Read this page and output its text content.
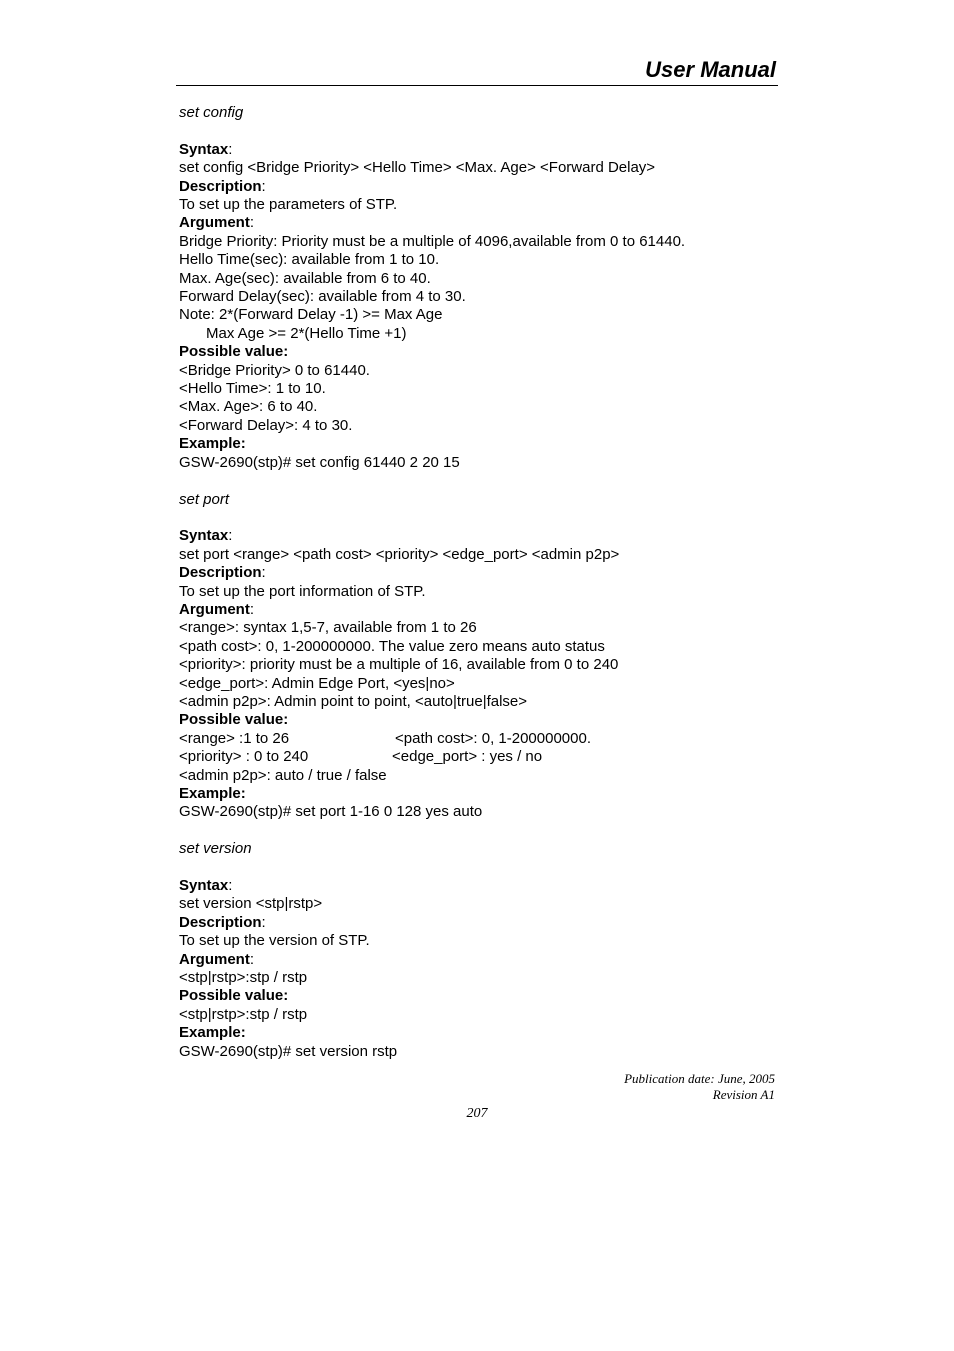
User Manual
set config
Syntax:
set config <Bridge Priority> <Hello Time> <Max. Age> <Forward Delay>
Description:
To set up the parameters of STP.
Argument:
Bridge Priority: Priority must be a multiple of 4096,available from 0 to 61440.
Hello Time(sec): available from 1 to 10.
Max. Age(sec): available from 6 to 40.
Forward Delay(sec): available from 4 to 30.
Note: 2*(Forward Delay -1) >= Max Age
Max Age >= 2*(Hello Time +1)
Possible value:
<Bridge Priority> 0 to 61440.
<Hello Time>: 1 to 10.
<Max. Age>: 6 to 40.
<Forward Delay>: 4 to 30.
Example:
GSW-2690(stp)# set config 61440 2 20 15
set port
Syntax:
set port <range> <path cost> <priority> <edge_port> <admin p2p>
Description:
To set up the port information of STP.
Argument:
<range>: syntax 1,5-7, available from 1 to 26
<path cost>: 0, 1-200000000. The value zero means auto status
<priority>: priority must be a multiple of 16, available from 0 to 240
<edge_port>: Admin Edge Port, <yes|no>
<admin p2p>: Admin point to point, <auto|true|false>
Possible value:
<range> :1 to 26	<path cost>: 0, 1-200000000.
<priority> : 0 to 240	<edge_port> : yes / no
<admin p2p>: auto / true / false
Example:
GSW-2690(stp)# set port 1-16 0 128 yes auto
set version
Syntax:
set version <stp|rstp>
Description:
To set up the version of STP.
Argument:
<stp|rstp>:stp / rstp
Possible value:
<stp|rstp>:stp / rstp
Example:
GSW-2690(stp)# set version rstp
Publication date: June, 2005
Revision A1
207
